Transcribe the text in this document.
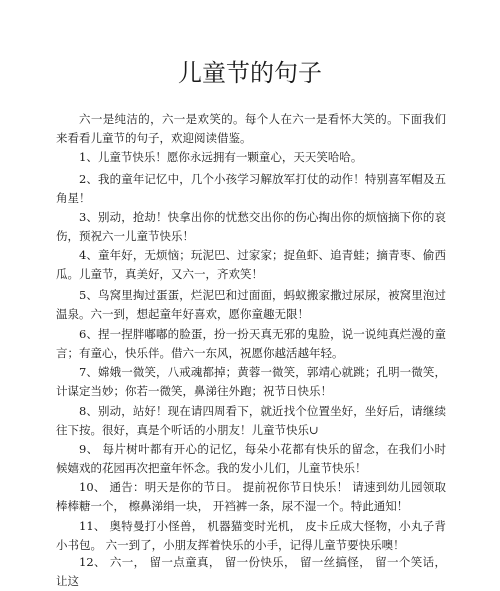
儿童节的句子

六一是纯洁的，六一是欢笑的。每个人在六一是看怀大笑的。下面我们来看看儿童节的句子，欢迎阅读借鉴。

1、儿童节快乐！愿你永远拥有一颗童心，天天笑哈哈。

2、我的童年记忆中，几个小孩学习解放军打仗的动作！特别喜军帽及五角星！

3、别动，抢劫！快拿出你的忧愁交出你的伤心掏出你的烦恼摘下你的哀伤，预祝六一儿童节快乐！

4、童年好，无烦恼；玩泥巴、过家家；捉鱼虾、追青蛙；摘青枣、偷西瓜。儿童节，真美好，又六一，齐欢笑！

5、鸟窝里掏过蛋蛋，烂泥巴和过面面，蚂蚁搬家撒过尿尿，被窝里泡过温泉。六一到，想起童年好喜欢，愿你童趣无限！

6、捏一捏胖嘟嘟的脸蛋，扮一扮天真无邪的鬼脸，说一说纯真烂漫的童言；有童心，快乐伴。借六一东风，祝愿你越活越年轻。

7、嫦娥一微笑，八戒魂都掉；黄蓉一微笑，郭靖心就跳；孔明一微笑，计谋定当妙；你若一微笑，鼻涕往外跑；祝节日快乐！

8、别动，站好！现在请四周看下，就近找个位置坐好，坐好后，请继续往下按。很好，真是个听话的小朋友！儿童节快乐∪

9、 每片树叶都有开心的记忆，每朵小花都有快乐的留念，在我们小时候嬉戏的花园再次把童年怀念。我的发小儿们，儿童节快乐！

10、 通告：明天是你的节日。 提前祝你节日快乐！ 请速到幼儿园领取棒棒糖一个， 檫鼻涕绢一块， 开裆裤一条，尿不湿一个。特此通知！

11、 奥特曼打小怪兽， 机器猫变时光机， 皮卡丘成大怪物，小丸子背小书包。 六一到了，小朋友挥着快乐的小手，记得儿童节要快乐噢！

12、 六一， 留一点童真， 留一份快乐， 留一丝搞怪， 留一个笑话， 让这
